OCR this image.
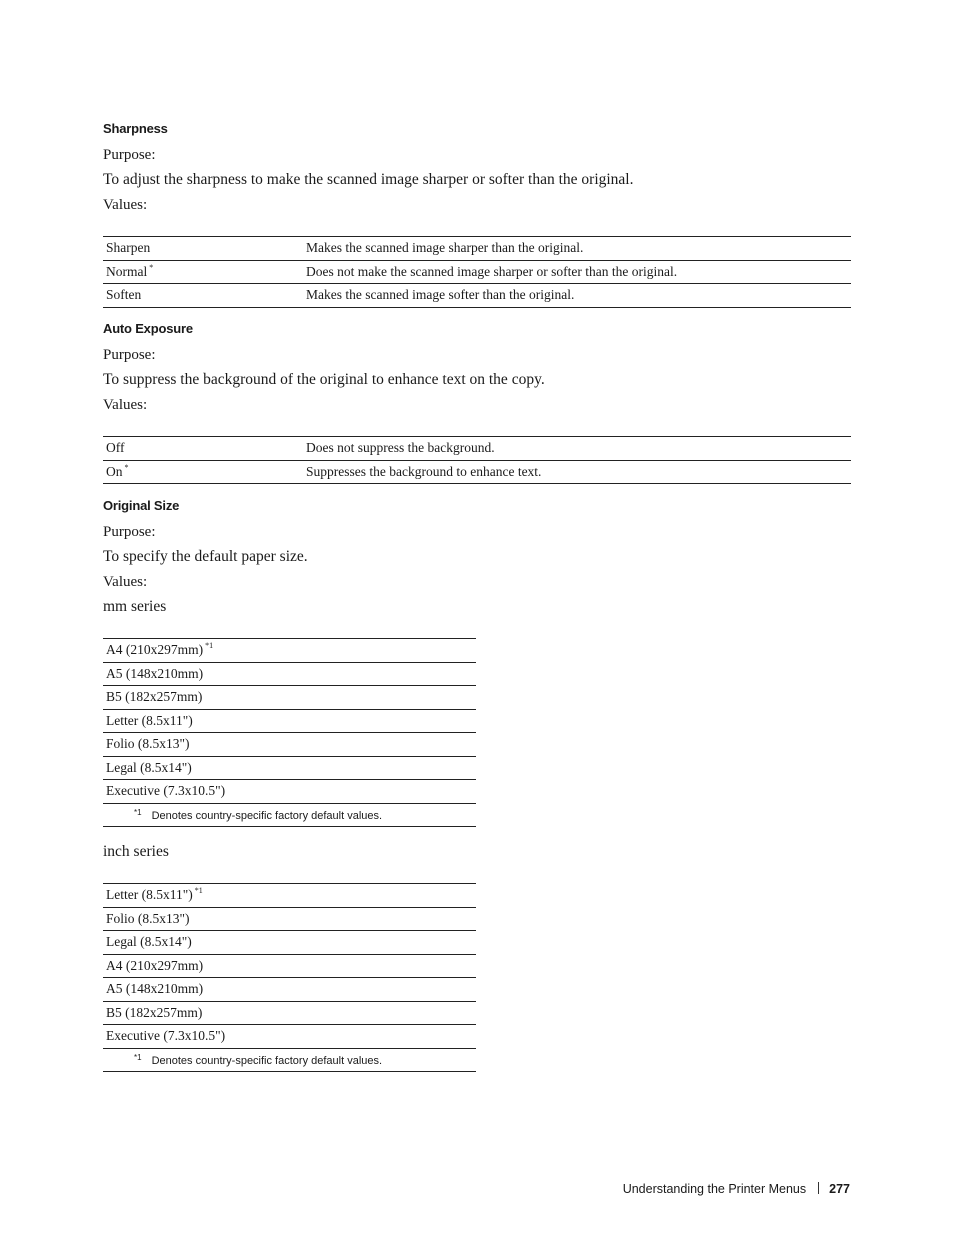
Sharpness
Purpose:
To adjust the sharpness to make the scanned image sharper or softer than the original.
Values:
Sharpen	Makes the scanned image sharper than the original.
Normal *	Does not make the scanned image sharper or softer than the original.
Soften	Makes the scanned image softer than the original.
Auto Exposure
Purpose:
To suppress the background of the original to enhance text on the copy.
Values:
Off	Does not suppress the background.
On *	Suppresses the background to enhance text.
Original Size
Purpose:
To specify the default paper size.
Values:
mm series
A4 (210x297mm) $^{*1}$
A5 (148x210mm)
B5 (182x257mm)
Letter (8.5x11")
Folio (8.5x13")
Legal (8.5x14")
Executive (7.3x10.5")
$^{*1}$ Denotes country-specific factory default values.
inch series
Letter (8.5x11") $^{*1}$
Folio (8.5x13")
Legal (8.5x14")
A4 (210x297mm)
A5 (148x210mm)
B5 (182x257mm)
Executive (7.3x10.5")
$^{*1}$ Denotes country-specific factory default values.
Understanding the Printer Menus 277
